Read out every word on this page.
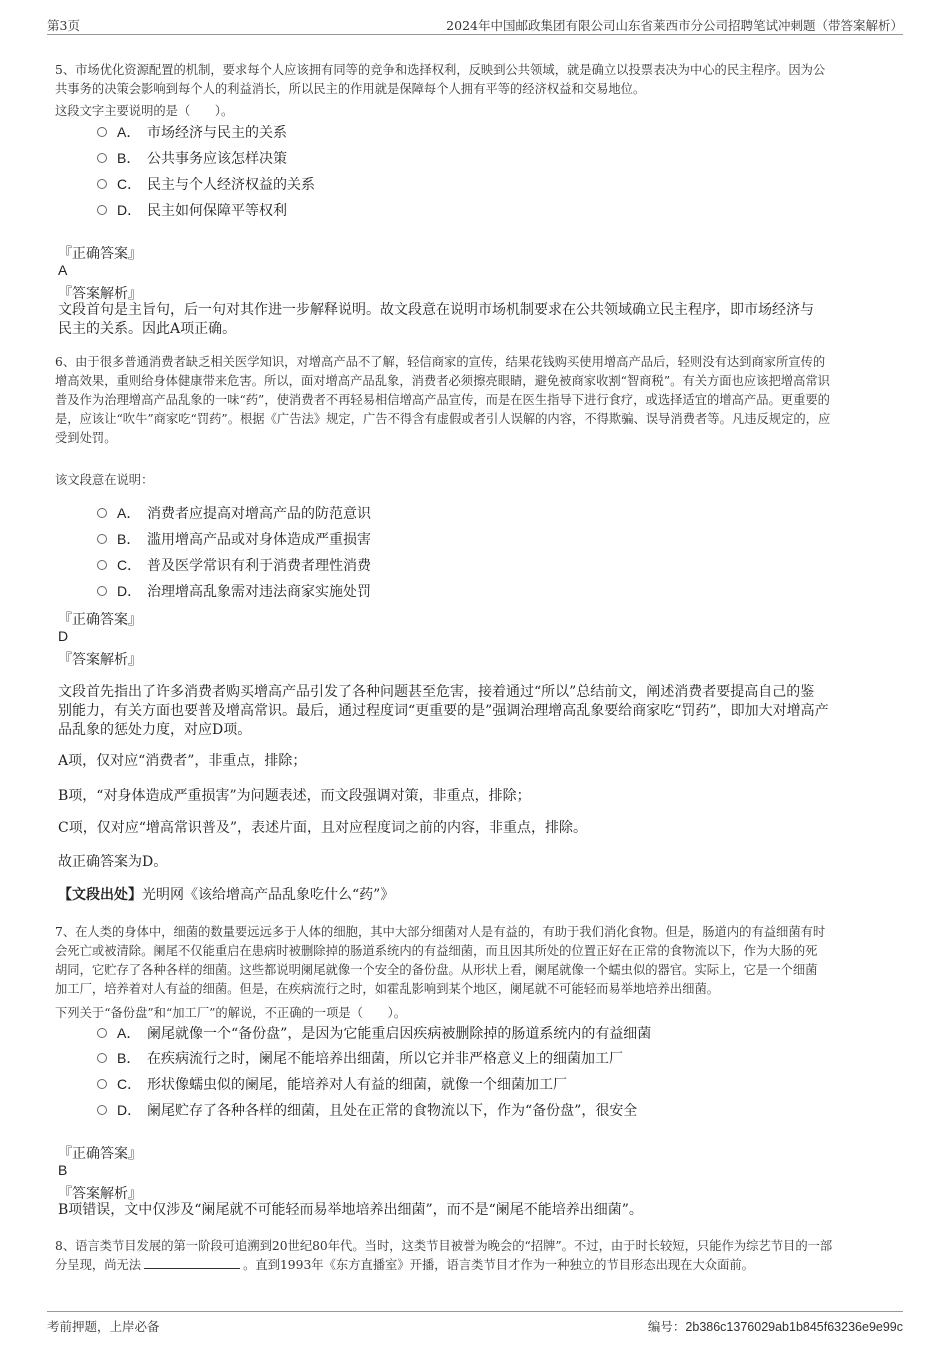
第3页	2024年中国邮政集团有限公司山东省莱西市分公司招聘笔试冲刺题（带答案解析）
5、市场优化资源配置的机制，要求每个人应该拥有同等的竞争和选择权利，反映到公共领域，就是确立以投票表决为中心的民主程序。因为公
共事务的决策会影响到每个人的利益消长，所以民主的作用就是保障每个人拥有平等的经济权益和交易地位。
这段文字主要说明的是（　　）。
A． 市场经济与民主的关系
B． 公共事务应该怎样决策
C． 民主与个人经济权益的关系
D． 民主如何保障平等权利
『正确答案』
A
『答案解析』
文段首句是主旨句，后一句对其作进一步解释说明。故文段意在说明市场机制要求在公共领域确立民主程序，即市场经济与
民主的关系。因此A项正确。
6、由于很多普通消费者缺乏相关医学知识，对增高产品不了解，轻信商家的宣传，结果花钱购买使用增高产品后，轻则没有达到商家所宣传的
增高效果，重则给身体健康带来危害。所以，面对增高产品乱象，消费者必须擦亮眼睛，避免被商家收割“智商税”。有关方面也应该把增高常识
普及作为治理增高产品乱象的一味“药”，使消费者不再轻易相信增高产品宣传，而是在医生指导下进行食疗，或选择适宜的增高产品。更重要的
是，应该让“吹牛”商家吃“罚药”。根据《广告法》规定，广告不得含有虚假或者引人误解的内容，不得欺骗、误导消费者等。凡违反规定的，应
受到处罚。
该文段意在说明：
A． 消费者应提高对增高产品的防范意识
B． 滥用增高产品或对身体造成严重损害
C． 普及医学常识有利于消费者理性消费
D． 治理增高乱象需对违法商家实施处罚
『正确答案』
D
『答案解析』
文段首先指出了许多消费者购买增高产品引发了各种问题甚至危害，接着通过“所以”总结前文，阐述消费者要提高自己的鉴
别能力，有关方面也要普及增高常识。最后，通过程度词“更重要的是”强调治理增高乱象要给商家吃“罚药”，即加大对增高产
品乱象的惩处力度，对应D项。
A项，仅对应“消费者”，非重点，排除；
B项，“对身体造成严重损害”为问题表述，而文段强调对策，非重点，排除；
C项，仅对应“增高常识普及”，表述片面，且对应程度词之前的内容，非重点，排除。
故正确答案为D。
【文段出处】光明网《该给增高产品乱象吃什么“药”》
7、在人类的身体中，细菌的数量要远远多于人体的细胞，其中大部分细菌对人是有益的，有助于我们消化食物。但是，肠道内的有益细菌有时
会死亡或被清除。阑尾不仅能重启在患病时被删除掉的肠道系统内的有益细菌，而且因其所处的位置正好在正常的食物流以下，作为大肠的死
胡同，它贮存了各种各样的细菌。这些都说明阑尾就像一个安全的备份盘。从形状上看，阑尾就像一个蠕虫似的器官。实际上，它是一个细菌
加工厂，培养着对人有益的细菌。但是，在疾病流行之时，如霍乱影响到某个地区，阑尾就不可能轻而易举地培养出细菌。
下列关于“备份盘”和“加工厂”的解说，不正确的一项是（　　）。
A． 阑尾就像一个“备份盘”，是因为它能重启因疾病被删除掉的肠道系统内的有益细菌
B． 在疾病流行之时，阑尾不能培养出细菌，所以它并非严格意义上的细菌加工厂
C． 形状像蠕虫似的阑尾，能培养对人有益的细菌，就像一个细菌加工厂
D． 阑尾贮存了各种各样的细菌，且处在正常的食物流以下，作为“备份盘”，很安全
『正确答案』
B
『答案解析』
B项错误，文中仅涉及“阑尾就不可能轻而易举地培养出细菌”，而不是“阑尾不能培养出细菌”。
8、语言类节目发展的第一阶段可追溯到20世纪80年代。当时，这类节目被誉为晚会的“招牌”。不过，由于时长较短，只能作为综艺节目的一部
分呈现，尚无法	。直到1993年《东方直播室》开播，语言类节目才作为一种独立的节目形态出现在大众面前。
考前押题，上岸必备	编号：2b386c1376029ab1b845f63236e9e99c
